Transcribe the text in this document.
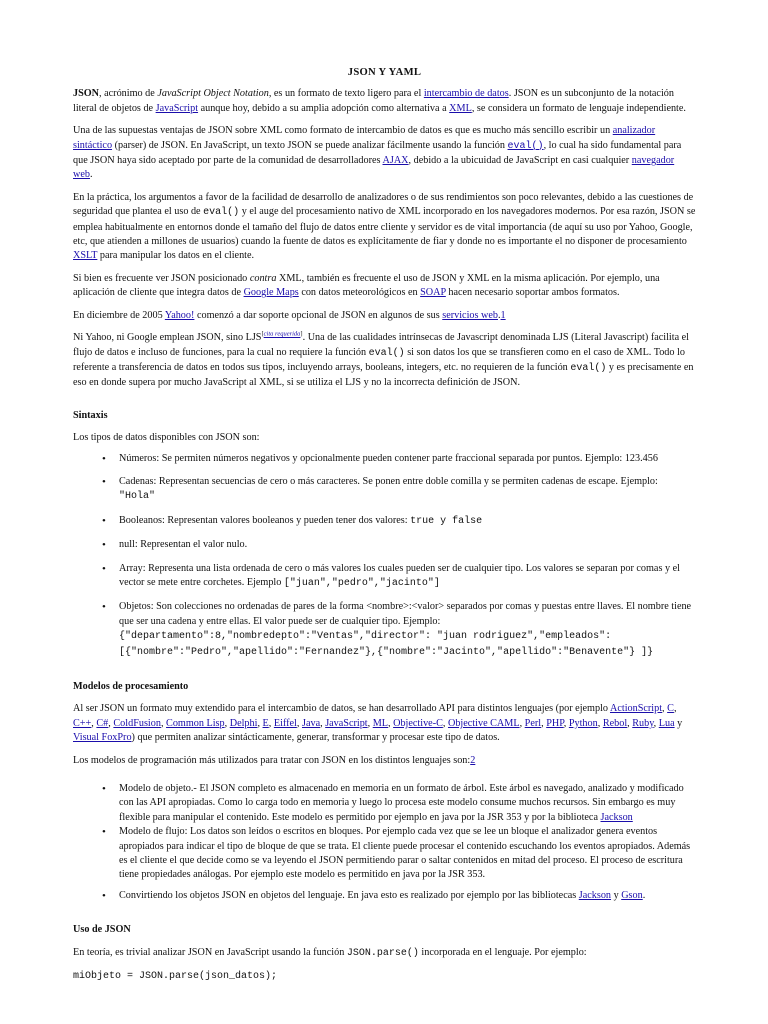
JSON Y YAML

JSON, acrónimo de JavaScript Object Notation, es un formato de texto ligero para el intercambio de datos. JSON es un subconjunto de la notación literal de objetos de JavaScript aunque hoy, debido a su amplia adopción como alternativa a XML, se considera un formato de lenguaje independiente.

Una de las supuestas ventajas de JSON sobre XML como formato de intercambio de datos es que es mucho más sencillo escribir un analizador sintáctico (parser) de JSON. En JavaScript, un texto JSON se puede analizar fácilmente usando la función eval(), lo cual ha sido fundamental para que JSON haya sido aceptado por parte de la comunidad de desarrolladores AJAX, debido a la ubicuidad de JavaScript en casi cualquier navegador web.

En la práctica, los argumentos a favor de la facilidad de desarrollo de analizadores o de sus rendimientos son poco relevantes, debido a las cuestiones de seguridad que plantea el uso de eval() y el auge del procesamiento nativo de XML incorporado en los navegadores modernos. Por esa razón, JSON se emplea habitualmente en entornos donde el tamaño del flujo de datos entre cliente y servidor es de vital importancia (de aquí su uso por Yahoo, Google, etc, que atienden a millones de usuarios) cuando la fuente de datos es explícitamente de fiar y donde no es importante el no disponer de procesamiento XSLT para manipular los datos en el cliente.

Si bien es frecuente ver JSON posicionado contra XML, también es frecuente el uso de JSON y XML en la misma aplicación. Por ejemplo, una aplicación de cliente que integra datos de Google Maps con datos meteorológicos en SOAP hacen necesario soportar ambos formatos.

En diciembre de 2005 Yahoo! comenzó a dar soporte opcional de JSON en algunos de sus servicios web.1

Ni Yahoo, ni Google emplean JSON, sino LJS[cita requerida]. Una de las cualidades intrínsecas de Javascript denominada LJS (Literal Javascript) facilita el flujo de datos e incluso de funciones, para la cual no requiere la función eval() si son datos los que se transfieren como en el caso de XML. Todo lo referente a transferencia de datos en todos sus tipos, incluyendo arrays, booleans, integers, etc. no requieren de la función eval() y es precisamente en eso en donde supera por mucho JavaScript al XML, si se utiliza el LJS y no la incorrecta definición de JSON.

Sintaxis

Los tipos de datos disponibles con JSON son:

• Números: Se permiten números negativos y opcionalmente pueden contener parte fraccional separada por puntos. Ejemplo: 123.456
• Cadenas: Representan secuencias de cero o más caracteres. Se ponen entre doble comilla y se permiten cadenas de escape. Ejemplo:
"Hola"
• Booleanos: Representan valores booleanos y pueden tener dos valores: true y false
• null: Representan el valor nulo.
• Array: Representa una lista ordenada de cero o más valores los cuales pueden ser de cualquier tipo. Los valores se separan por comas y el vector se mete entre corchetes. Ejemplo ["juan","pedro","jacinto"]
• Objetos: Son colecciones no ordenadas de pares de la forma <nombre>:<valor> separados por comas y puestas entre llaves. El nombre tiene que ser una cadena y entre ellas. El valor puede ser de cualquier tipo. Ejemplo:
{"departamento":8,"nombredepto":"Ventas","director": "juan rodriguez","empleados":
[{"nombre":"Pedro","apellido":"Fernandez"},{"nombre":"Jacinto","apellido":"Benavente"} ]}
Modelos de procesamiento

Al ser JSON un formato muy extendido para el intercambio de datos, se han desarrollado API para distintos lenguajes (por ejemplo ActionScript, C, C++, C#, ColdFusion, Common Lisp, Delphi, E, Eiffel, Java, JavaScript, ML, Objective-C, Objective CAML, Perl, PHP, Python, Rebol, Ruby, Lua y Visual FoxPro) que permiten analizar sintácticamente, generar, transformar y procesar este tipo de datos.

Los modelos de programación más utilizados para tratar con JSON en los distintos lenguajes son:2

• Modelo de objeto.- El JSON completo es almacenado en memoria en un formato de árbol. Este árbol es navegado, analizado y modificado con las API apropiadas. Como lo carga todo en memoria y luego lo procesa este modelo consume muchos recursos. Sin embargo es muy flexible para manipular el contenido. Este modelo es permitido por ejemplo en java por la JSR 353 y por la biblioteca Jackson
• Modelo de flujo: Los datos son leídos o escritos en bloques. Por ejemplo cada vez que se lee un bloque el analizador genera eventos apropiados para indicar el tipo de bloque de que se trata. El cliente puede procesar el contenido escuchando los eventos apropiados. Además es el cliente el que decide como se va leyendo el JSON permitiendo parar o saltar contenidos en mitad del proceso. El proceso de escritura tiene propiedades análogas. Por ejemplo este modelo es permitido en java por la JSR 353.
• Convirtiendo los objetos JSON en objetos del lenguaje. En java esto es realizado por ejemplo por las bibliotecas Jackson y Gson.
Uso de JSON

En teoría, es trivial analizar JSON en JavaScript usando la función JSON.parse() incorporada en el lenguaje. Por ejemplo:

miObjeto = JSON.parse(json_datos);
